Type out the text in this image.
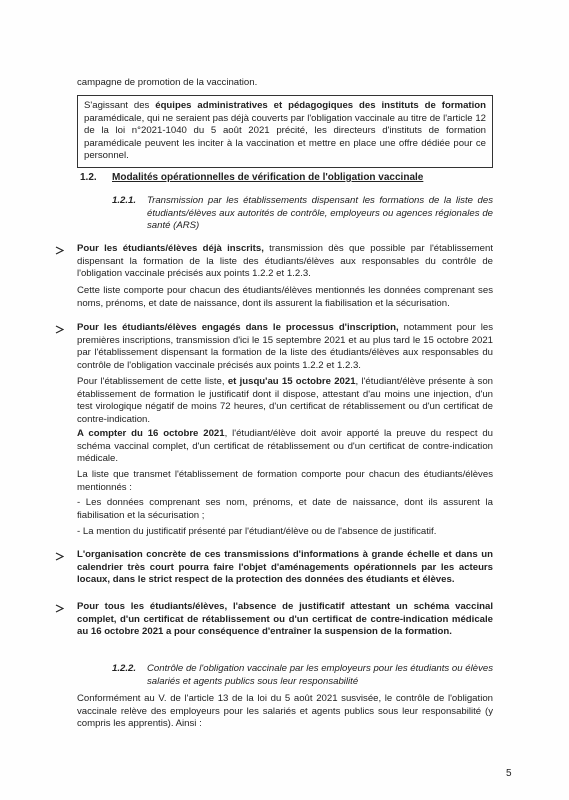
campagne de promotion de la vaccination.

S'agissant des équipes administratives et pédagogiques des instituts de formation paramédicale, qui ne seraient pas déjà couverts par l'obligation vaccinale au titre de l'article 12 de la loi n°2021-1040 du 5 août 2021 précité, les directeurs d'instituts de formation paramédicale peuvent les inciter à la vaccination et mettre en place une offre dédiée pour ce personnel.
1.2. Modalités opérationnelles de vérification de l'obligation vaccinale
1.2.1. Transmission par les établissements dispensant les formations de la liste des étudiants/élèves aux autorités de contrôle, employeurs ou agences régionales de santé (ARS)

Pour les étudiants/élèves déjà inscrits, transmission dès que possible par l'établissement dispensant la formation de la liste des étudiants/élèves aux responsables du contrôle de l'obligation vaccinale précisés aux points 1.2.2 et 1.2.3.

Cette liste comporte pour chacun des étudiants/élèves mentionnés les données comprenant ses noms, prénoms, et date de naissance, dont ils assurent la fiabilisation et la sécurisation.

Pour les étudiants/élèves engagés dans le processus d'inscription, notamment pour les premières inscriptions, transmission d'ici le 15 septembre 2021 et au plus tard le 15 octobre 2021 par l'établissement dispensant la formation de la liste des étudiants/élèves aux responsables du contrôle de l'obligation vaccinale précisés aux points 1.2.2 et 1.2.3.

Pour l'établissement de cette liste, et jusqu'au 15 octobre 2021, l'étudiant/élève présente à son établissement de formation le justificatif dont il dispose, attestant d'au moins une injection, d'un test virologique négatif de moins 72 heures, d'un certificat de rétablissement ou d'un certificat de contre-indication.

A compter du 16 octobre 2021, l'étudiant/élève doit avoir apporté la preuve du respect du schéma vaccinal complet, d'un certificat de rétablissement ou d'un certificat de contre-indication médicale.

La liste que transmet l'établissement de formation comporte pour chacun des étudiants/élèves mentionnés :

- Les données comprenant ses nom, prénoms, et date de naissance, dont ils assurent la fiabilisation et la sécurisation ;

- La mention du justificatif présenté par l'étudiant/élève ou de l'absence de justificatif.

L'organisation concrète de ces transmissions d'informations à grande échelle et dans un calendrier très court pourra faire l'objet d'aménagements opérationnels par les acteurs locaux, dans le strict respect de la protection des données des étudiants et élèves.

Pour tous les étudiants/élèves, l'absence de justificatif attestant un schéma vaccinal complet, d'un certificat de rétablissement ou d'un certificat de contre-indication médicale au 16 octobre 2021 a pour conséquence d'entraîner la suspension de la formation.

1.2.2. Contrôle de l'obligation vaccinale par les employeurs pour les étudiants ou élèves salariés et agents publics sous leur responsabilité

Conformément au V. de l'article 13 de la loi du 5 août 2021 susvisée, le contrôle de l'obligation vaccinale relève des employeurs pour les salariés et agents publics sous leur responsabilité (y compris les apprentis). Ainsi :

5
